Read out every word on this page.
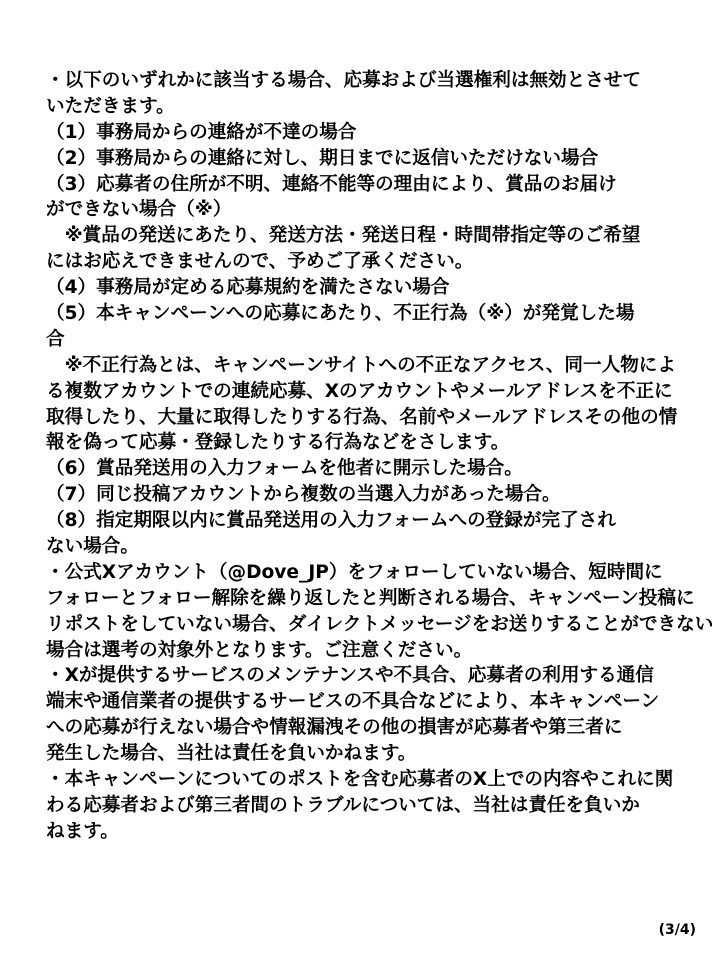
・以下のいずれかに該当する場合、応募および当選権利は無効とさせて
いただきます。
（1）事務局からの連絡が不達の場合
（2）事務局からの連絡に対し、期日までに返信いただけない場合
（3）応募者の住所が不明、連絡不能等の理由により、賞品のお届け
ができない場合（※）
　※賞品の発送にあたり、発送方法・発送日程・時間帯指定等のご希望
にはお応えできませんので、予めご了承ください。
（4）事務局が定める応募規約を満たさない場合
（5）本キャンペーンへの応募にあたり、不正行為（※）が発覚した場
合
　※不正行為とは、キャンペーンサイトへの不正なアクセス、同一人物によ
る複数アカウントでの連続応募、Xのアカウントやメールアドレスを不正に
取得したり、大量に取得したりする行為、名前やメールアドレスその他の情
報を偽って応募・登録したりする行為などをさします。
（6）賞品発送用の入力フォームを他者に開示した場合。
（7）同じ投稿アカウントから複数の当選入力があった場合。
（8）指定期限以内に賞品発送用の入力フォームへの登録が完了され
ない場合。
・公式Xアカウント（@Dove_JP）をフォローしていない場合、短時間に
フォローとフォロー解除を繰り返したと判断される場合、キャンペーン投稿に
リポストをしていない場合、ダイレクトメッセージをお送りすることができない
場合は選考の対象外となります。ご注意ください。
・Xが提供するサービスのメンテナンスや不具合、応募者の利用する通信
端末や通信業者の提供するサービスの不具合などにより、本キャンペーン
への応募が行えない場合や情報漏洩その他の損害が応募者や第三者に
発生した場合、当社は責任を負いかねます。
・本キャンペーンについてのポストを含む応募者のX上での内容やこれに関
わる応募者および第三者間のトラブルについては、当社は責任を負いか
ねます。
(3/4)
